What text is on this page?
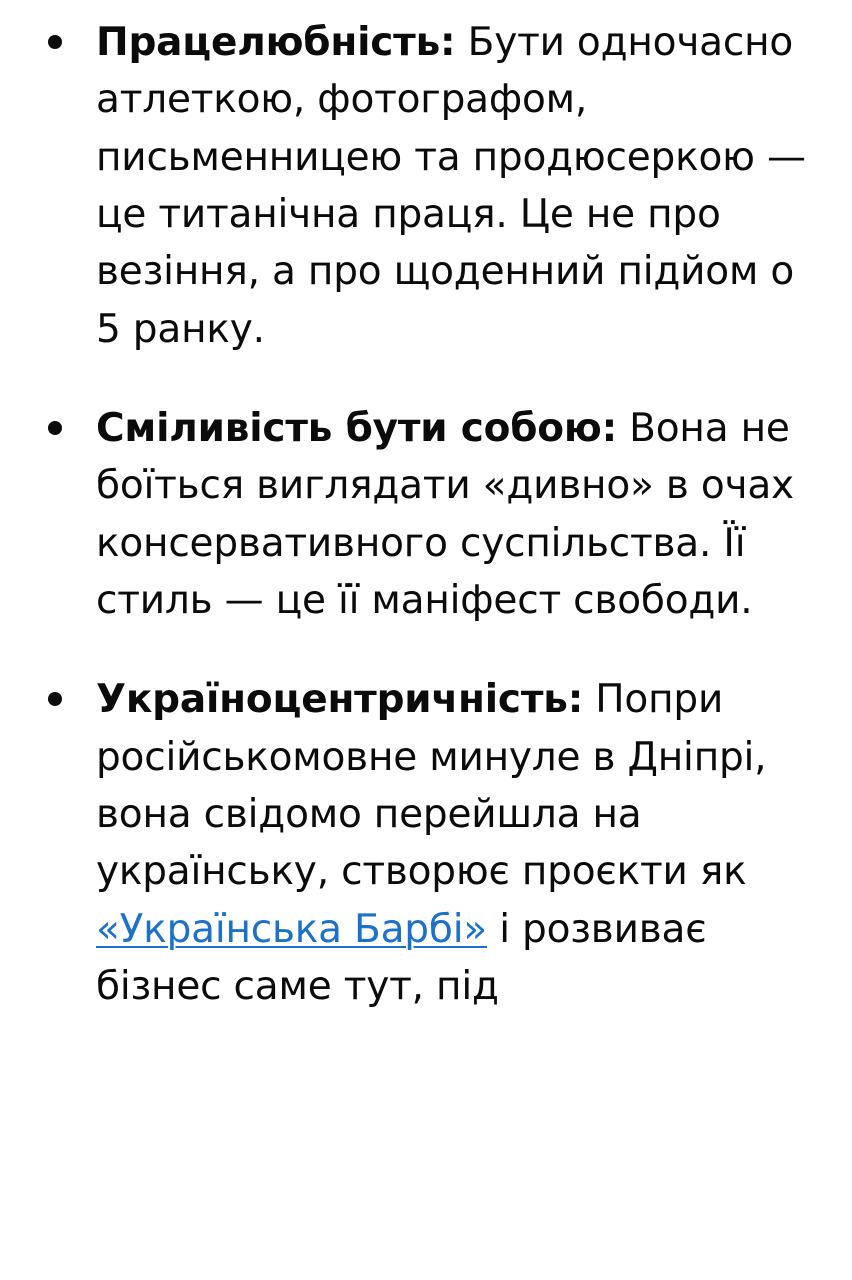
Працелюбність: Бути одночасно атлеткою, фотографом, письменницею та продюсеркою — це титанічна праця. Це не про везіння, а про щоденний підйом о 5 ранку.
Сміливість бути собою: Вона не боїться виглядати «дивно» в очах консервативного суспільства. Її стиль — це її маніфест свободи.
Україноцентричність: Попри російськомовне минуле в Дніпрі, вона свідомо перейшла на українську, створює проєкти як «Українська Барбі» і розвиває бізнес саме тут, під
